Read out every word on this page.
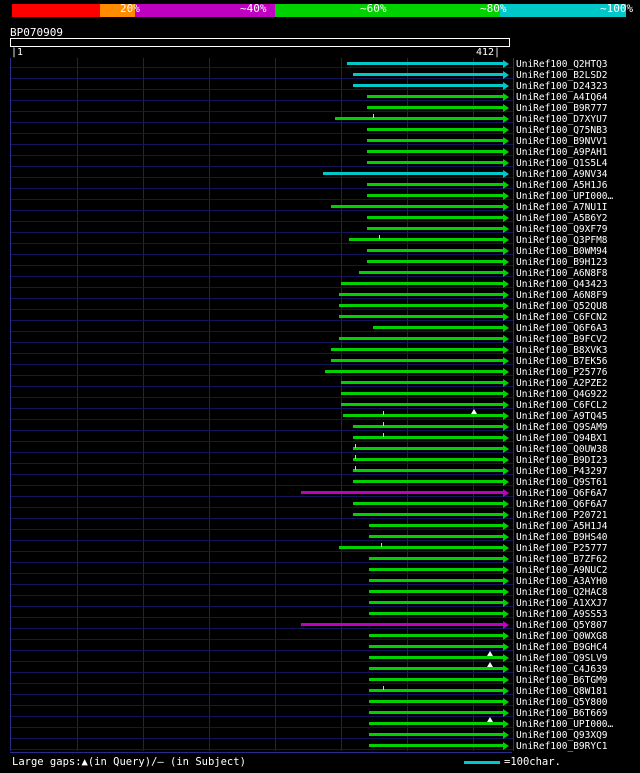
20%	~40%	~60%	~80%	~100%
BP070909
|1	412|
UniRef100_Q2HTQ3
UniRef100_B2LSD2
UniRef100_D24323
UniRef100_A4IQ64
UniRef100_B9R777
UniRef100_D7XYU7
UniRef100_Q75NB3
UniRef100_B9NVV1
UniRef100_A9PAH1
UniRef100_Q1S5L4
UniRef100_A9NV34
UniRef100_A5H1J6
UniRef100_UPI000…
UniRef100_A7NU1I
UniRef100_A5B6Y2
UniRef100_Q9XF79
UniRef100_Q3PFM8
UniRef100_B0WM94
UniRef100_B9H123
UniRef100_A6N8F8
UniRef100_Q43423
UniRef100_A6N8F9
UniRef100_Q52QU8
UniRef100_C6FCN2
UniRef100_Q6F6A3
UniRef100_B9FCV2
UniRef100_B8XVK3
UniRef100_B7EK56
UniRef100_P25776
UniRef100_A2PZE2
UniRef100_Q4G922
UniRef100_C6FCL2
UniRef100_A9TQ45
UniRef100_Q9SAM9
UniRef100_Q94BX1
UniRef100_Q0UW38
UniRef100_B9DI23
UniRef100_P43297
UniRef100_Q9ST61
UniRef100_Q6F6A7
UniRef100_Q6F6A7
UniRef100_P20721
UniRef100_A5H1J4
UniRef100_B9HS40
UniRef100_P25777
UniRef100_B7ZF62
UniRef100_A9NUC2
UniRef100_A3AYH0
UniRef100_Q2HAC8
UniRef100_A1XXJ7
UniRef100_A9SS53
UniRef100_Q5Y807
UniRef100_Q0WXG8
UniRef100_B9GHC4
UniRef100_Q9SLV9
UniRef100_C4J639
UniRef100_B6TGM9
UniRef100_Q8W181
UniRef100_Q5Y800
UniRef100_B6T669
UniRef100_UPI000…
UniRef100_Q93XQ9
UniRef100_B9RYC1
Large gaps:▲(in Query)/– (in Subject)	=100char.
